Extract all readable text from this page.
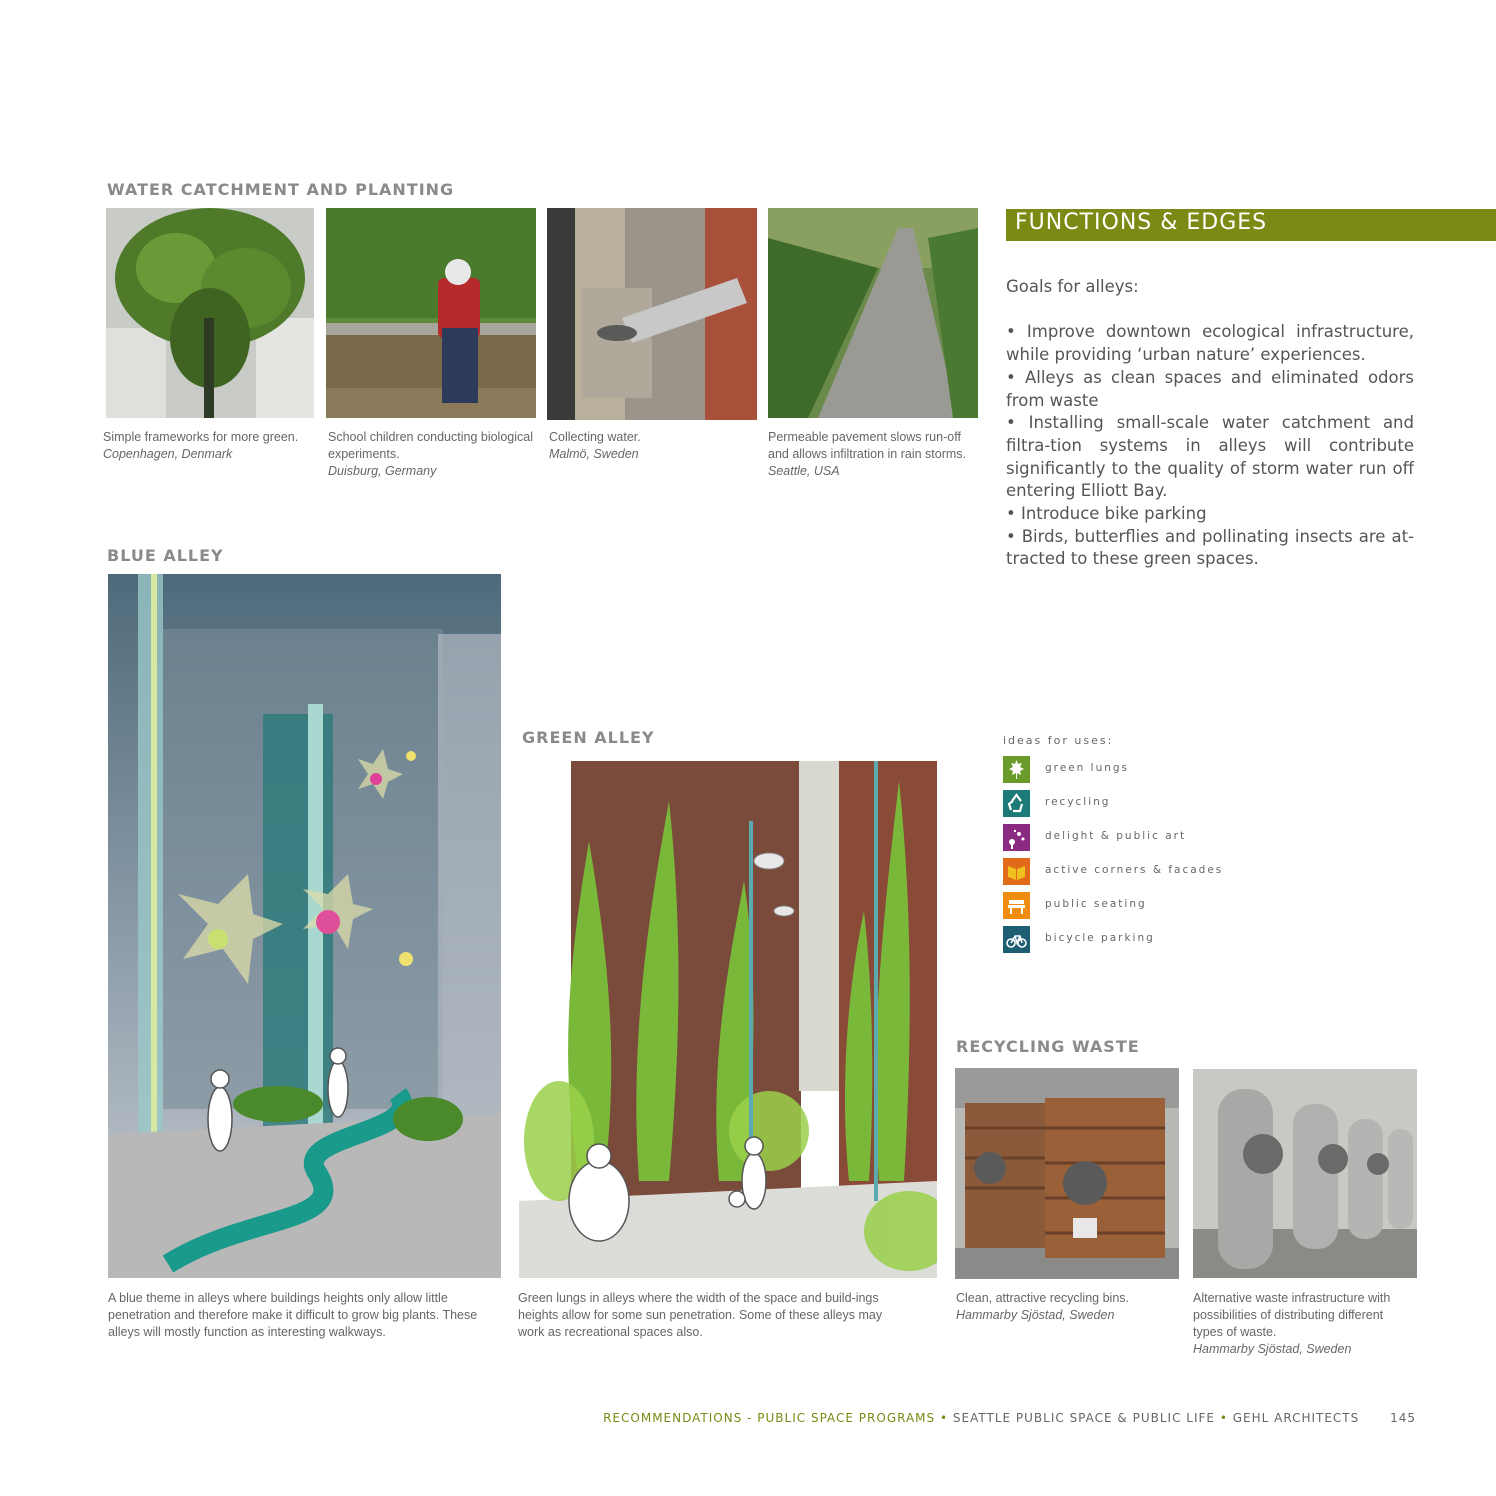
WATER CATCHMENT AND PLANTING
Simple frameworks for more green.
Copenhagen, Denmark
School children conducting biological experiments.
Duisburg, Germany
Collecting water.
Malmö, Sweden
Permeable pavement slows run-off and allows infiltration in rain storms.
Seattle, USA
FUNCTIONS & EDGES
Goals for alleys:
• Improve downtown ecological infrastructure, while providing ‘urban nature’ experiences.
• Alleys as clean spaces and eliminated odors from waste
• Installing small-scale water catchment and filtra-tion systems in alleys will contribute significantly to the quality of storm water run off entering Elliott Bay.
• Introduce bike parking
• Birds, butterflies and pollinating insects are at-tracted to these green spaces.
BLUE ALLEY
A blue theme in alleys where buildings heights only allow little penetration and therefore make it difficult to grow big plants. These alleys will mostly function as interesting walkways.
GREEN ALLEY
Green lungs in alleys where the width of the space and build-ings heights allow for some sun penetration. Some of these alleys may work as recreational spaces also.
ideas for uses:
green lungs
recycling
delight & public art
active corners & facades
public seating
bicycle parking
RECYCLING WASTE
Clean, attractive recycling bins.
Hammarby Sjöstad, Sweden
Alternative waste infrastructure with possibilities of distributing different types of waste.
Hammarby Sjöstad, Sweden
RECOMMENDATIONS - PUBLIC SPACE PROGRAMS • SEATTLE PUBLIC SPACE & PUBLIC LIFE • GEHL ARCHITECTS	145
